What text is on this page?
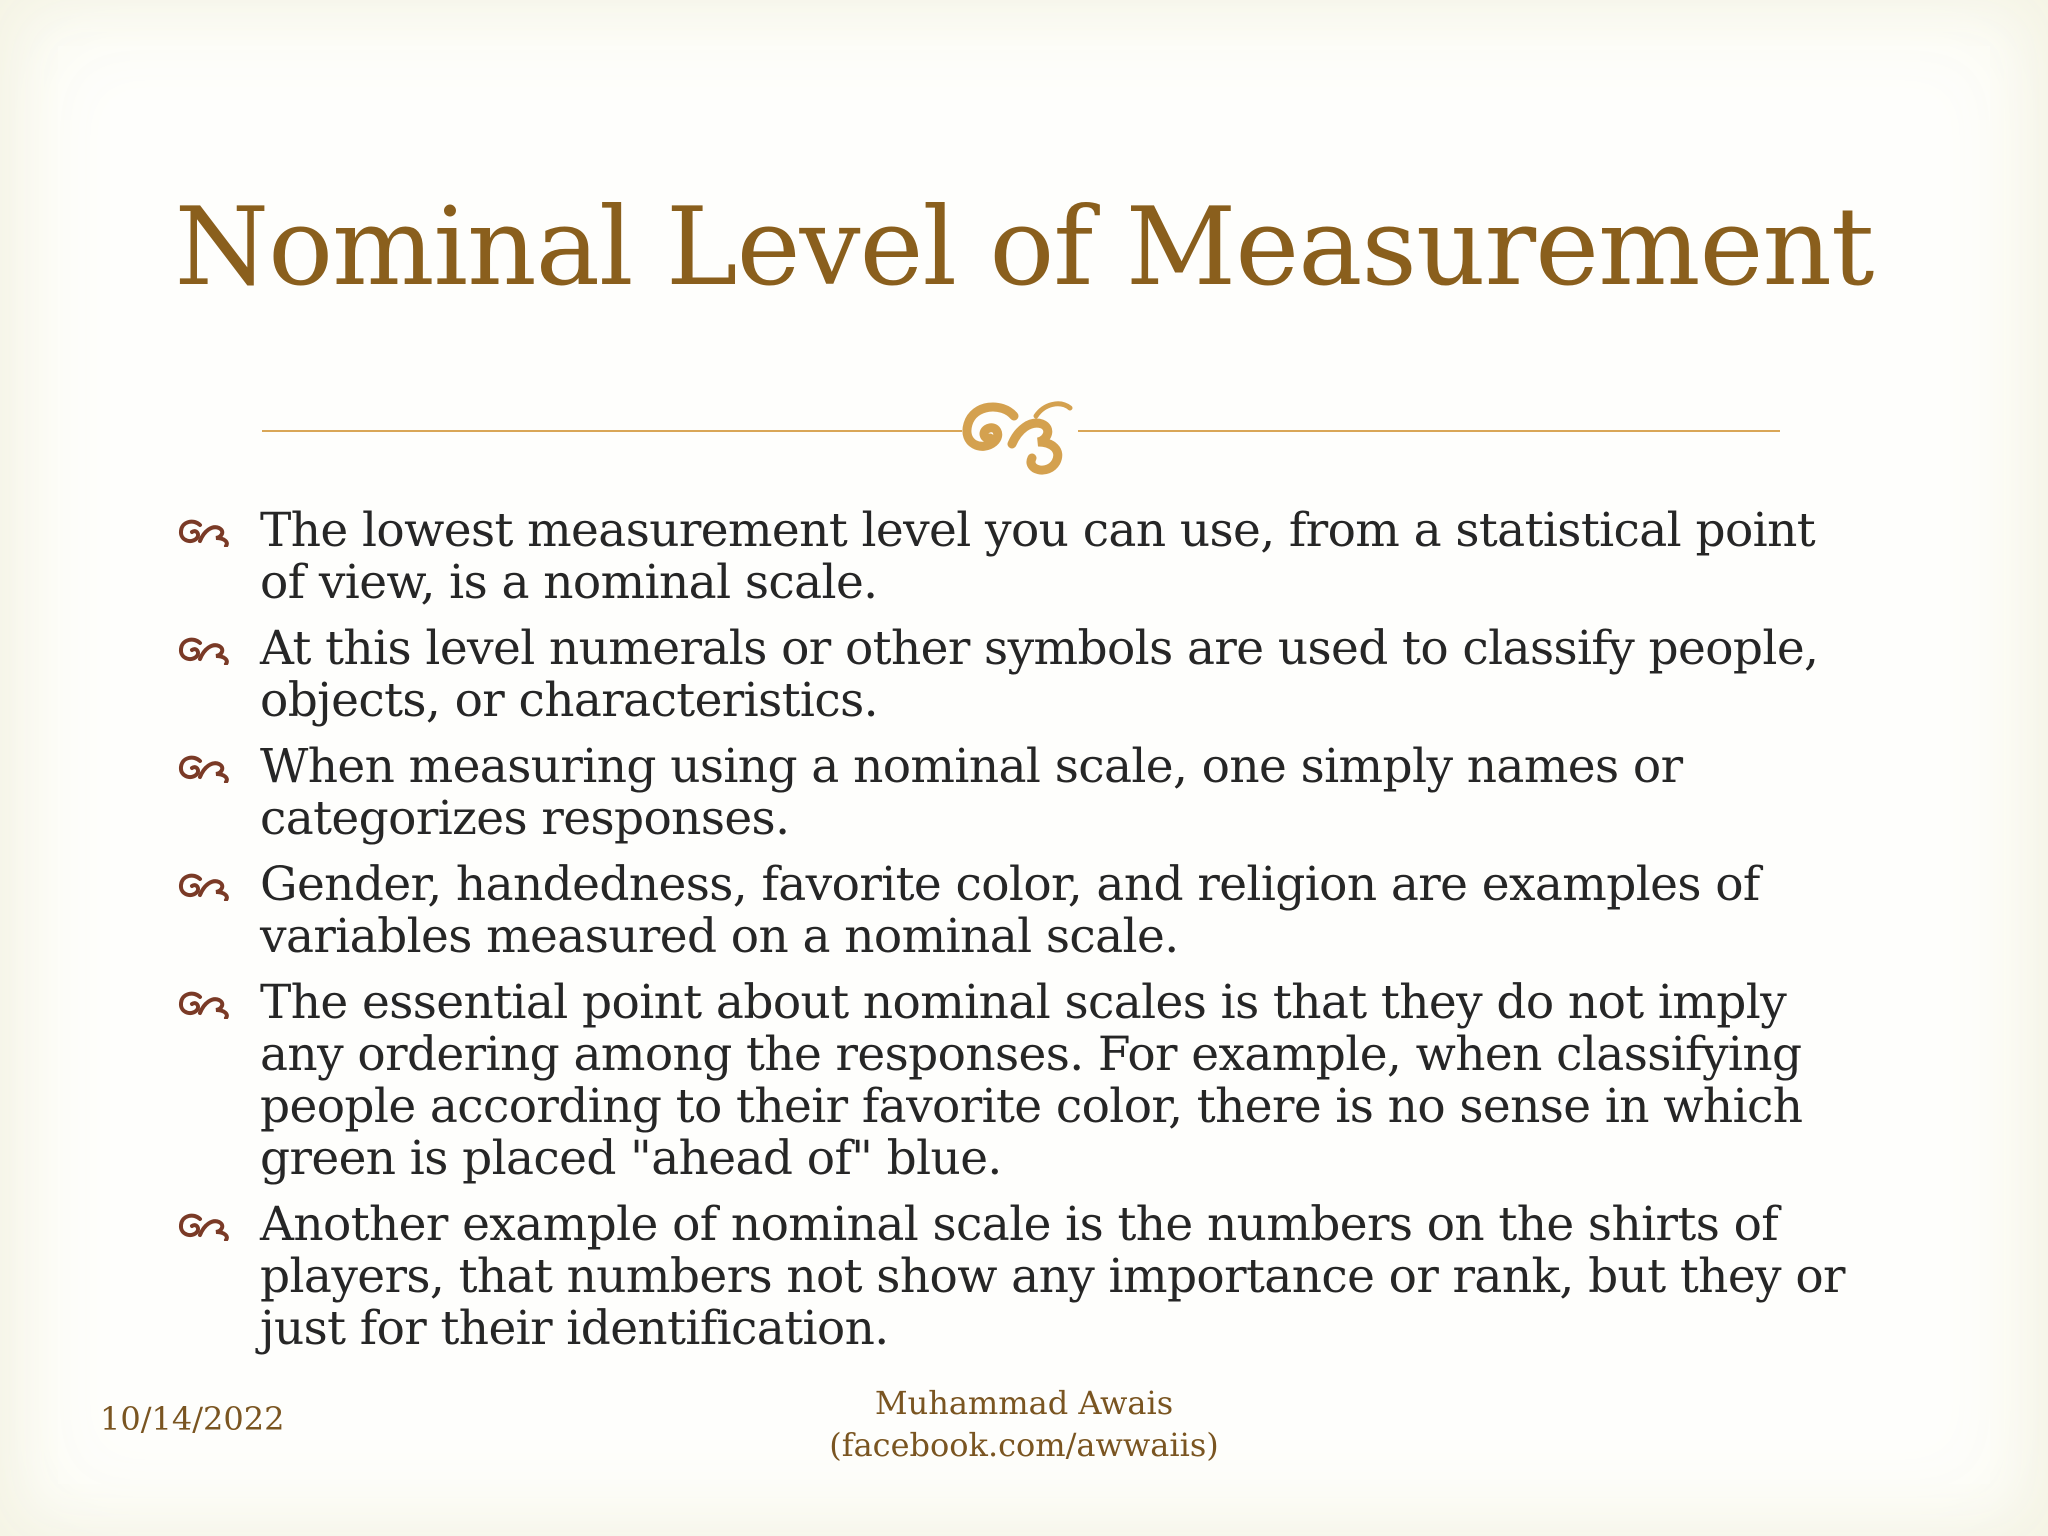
Nominal Level of Measurement
The lowest measurement level you can use, from a statistical point of view, is a nominal scale.
At this level numerals or other symbols are used to classify people, objects, or characteristics.
When measuring using a nominal scale, one simply names or categorizes responses.
Gender, handedness, favorite color, and religion are examples of variables measured on a nominal scale.
The essential point about nominal scales is that they do not imply any ordering among the responses. For example, when classifying people according to their favorite color, there is no sense in which green is placed "ahead of" blue.
Another example of nominal scale is the numbers on the shirts of players, that numbers not show any importance or rank, but they or just for their identification.
10/14/2022	Muhammad Awais
(facebook.com/awwaiis)
